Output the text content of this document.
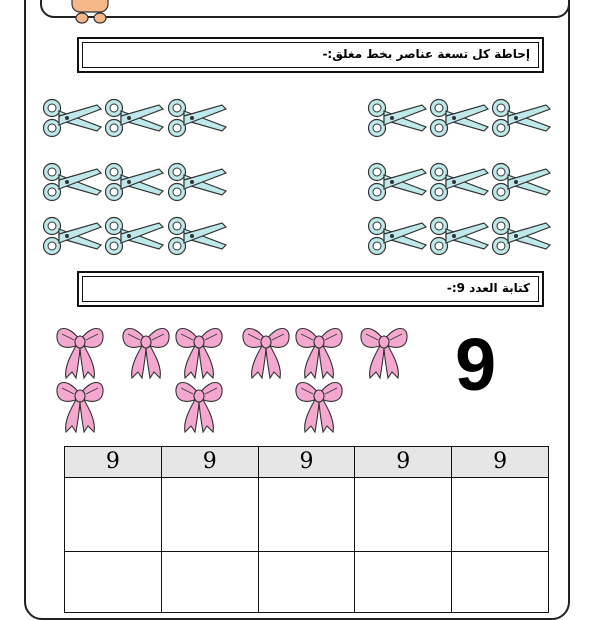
إحاطة كل تسعة عناصر بخط مغلق:-
كتابة العدد 9:-
9
9	9	9	9	9
